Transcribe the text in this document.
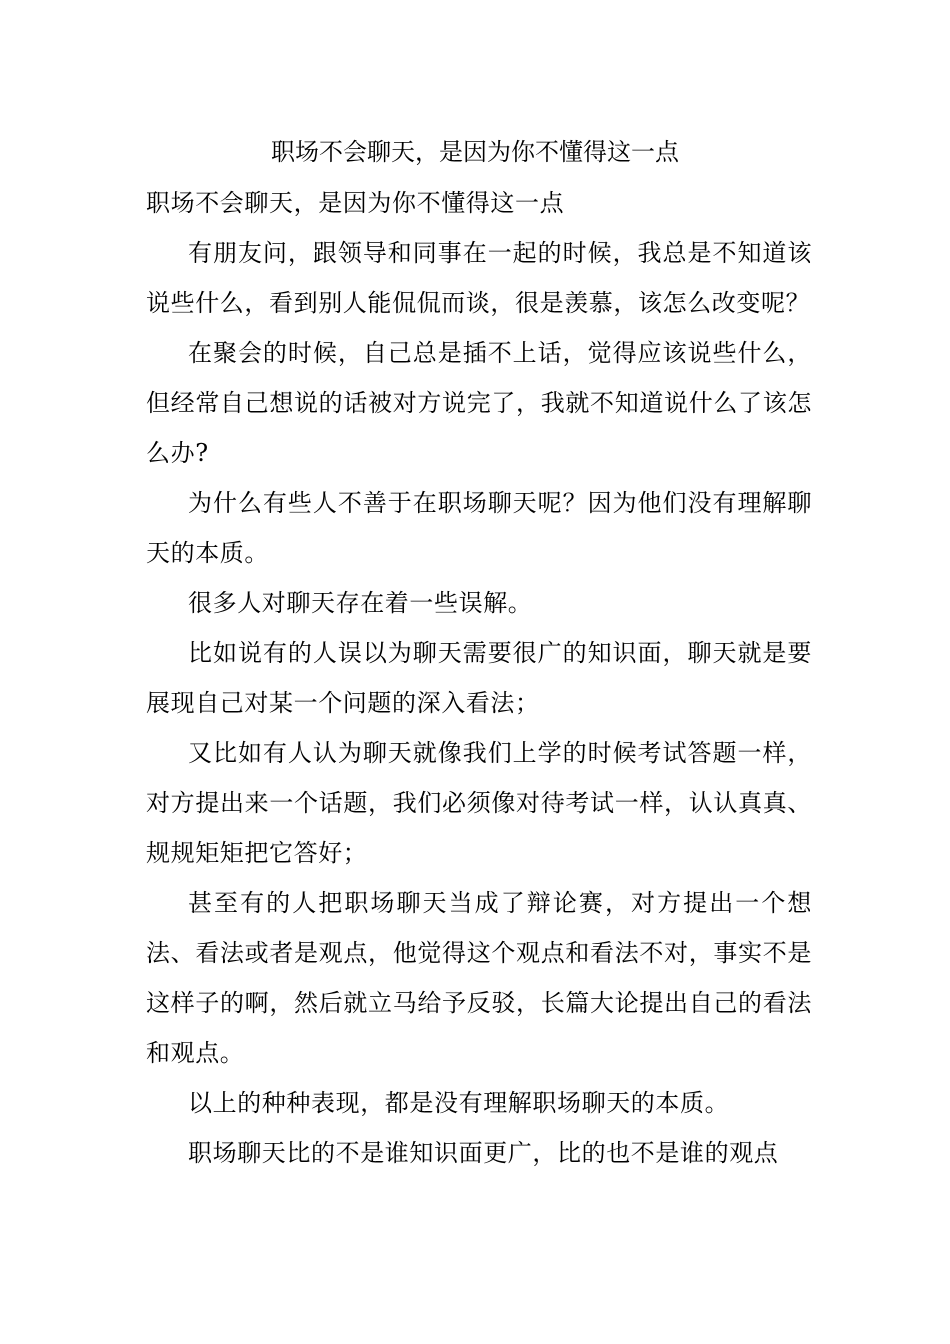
职场不会聊天，是因为你不懂得这一点

职场不会聊天，是因为你不懂得这一点

有朋友问，跟领导和同事在一起的时候，我总是不知道该说些什么，看到别人能侃侃而谈，很是羡慕，该怎么改变呢？

在聚会的时候，自己总是插不上话，觉得应该说些什么，但经常自己想说的话被对方说完了，我就不知道说什么了该怎么办?

为什么有些人不善于在职场聊天呢？因为他们没有理解聊天的本质。

很多人对聊天存在着一些误解。

比如说有的人误以为聊天需要很广的知识面，聊天就是要展现自己对某一个问题的深入看法；

又比如有人认为聊天就像我们上学的时候考试答题一样，对方提出来一个话题，我们必须像对待考试一样，认认真真、规规矩矩把它答好；

甚至有的人把职场聊天当成了辩论赛，对方提出一个想法、看法或者是观点，他觉得这个观点和看法不对，事实不是这样子的啊，然后就立马给予反驳，长篇大论提出自己的看法和观点。

以上的种种表现，都是没有理解职场聊天的本质。

职场聊天比的不是谁知识面更广，比的也不是谁的观点
